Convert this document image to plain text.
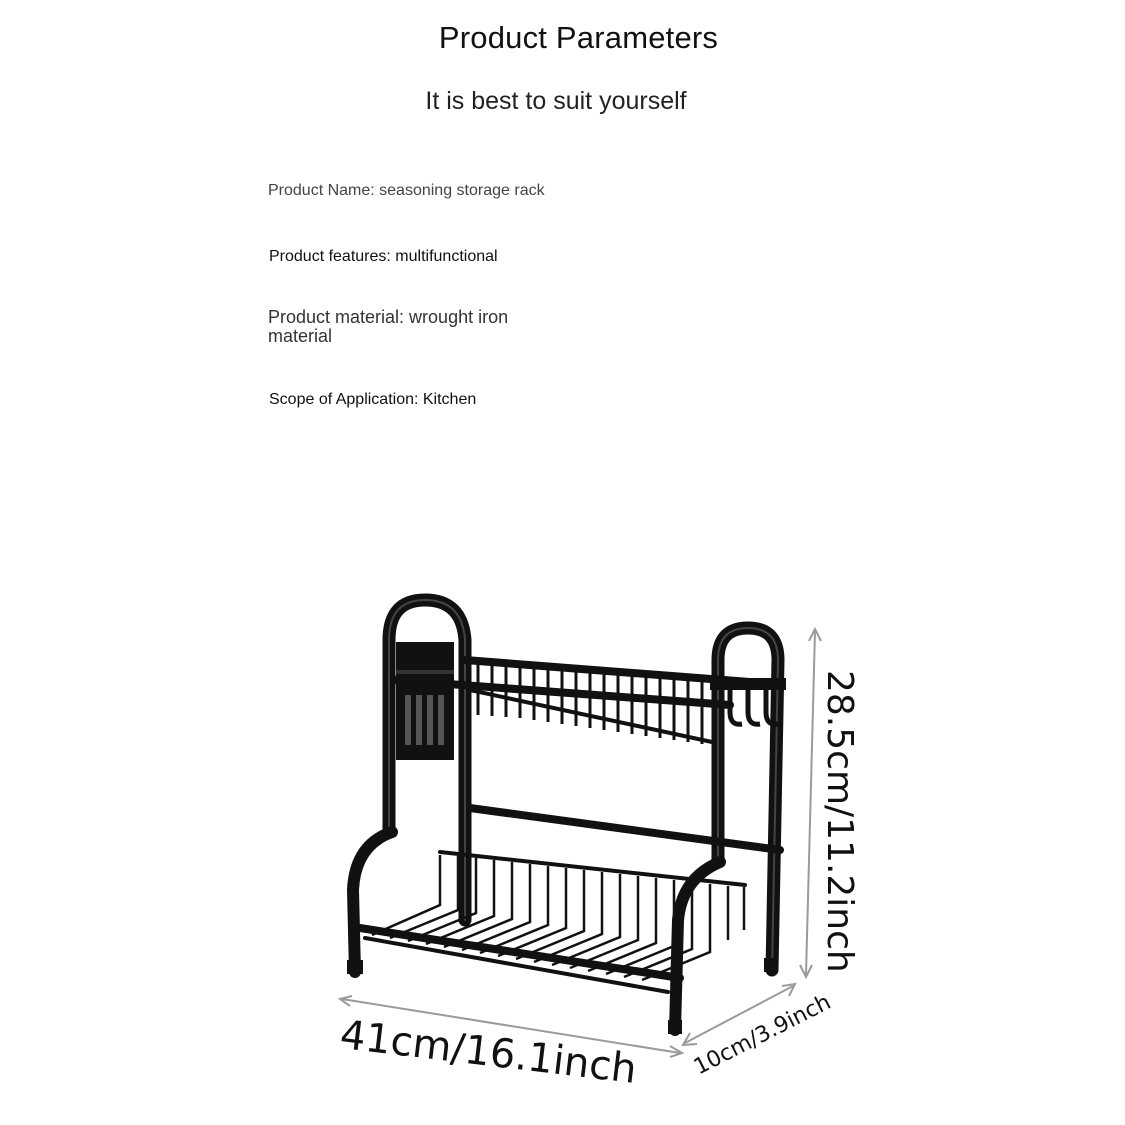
Product Parameters
It is best to suit yourself
Product Name: seasoning storage rack
Product features: multifunctional
Product material: wrought iron material
Scope of Application: Kitchen
41cm/16.1inch 10cm/3.9inch
28.5cm/11.2inch
